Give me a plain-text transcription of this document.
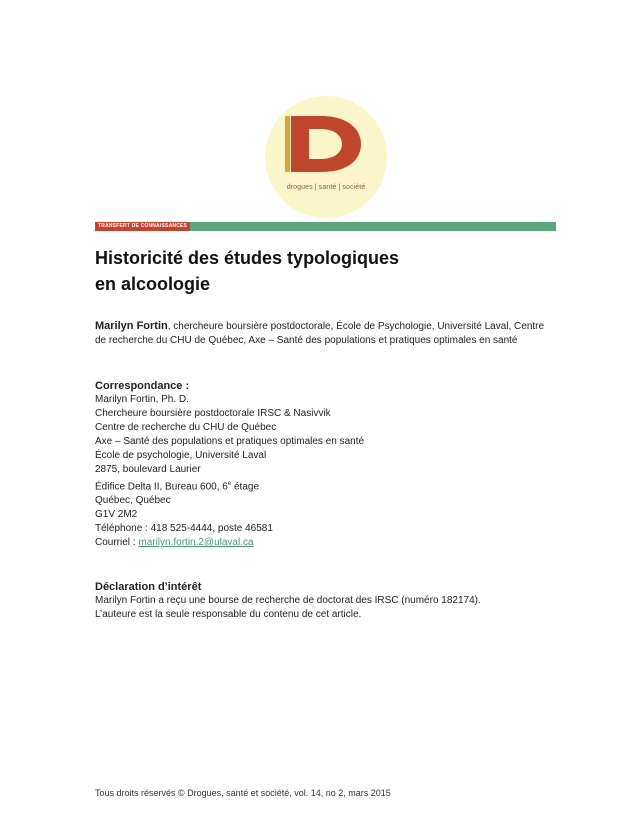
drogues | santé | société
TRANSFERT DE CONNAISSANCES
Historicité des études typologiques
en alcoologie
Marilyn Fortin, chercheure boursière postdoctorale, École de Psychologie, Université Laval, Centre de recherche du CHU de Québec, Axe – Santé des populations et pratiques optimales en santé
Correspondance :
Marilyn Fortin, Ph. D.
Chercheure boursière postdoctorale IRSC & Nasivvik
Centre de recherche du CHU de Québec
Axe – Santé des populations et pratiques optimales en santé
École de psychologie, Université Laval
2875, boulevard Laurier
Édifice Delta II, Bureau 600, 6e étage
Québec, Québec
G1V 2M2
Téléphone : 418 525-4444, poste 46581
Courriel : marilyn.fortin.2@ulaval.ca
Déclaration d’intérêt
Marilyn Fortin a reçu une bourse de recherche de doctorat des IRSC (numéro 182174).
L’auteure est la seule responsable du contenu de cet article.
Tous droits réservés © Drogues, santé et société, vol. 14, no 2, mars 2015
